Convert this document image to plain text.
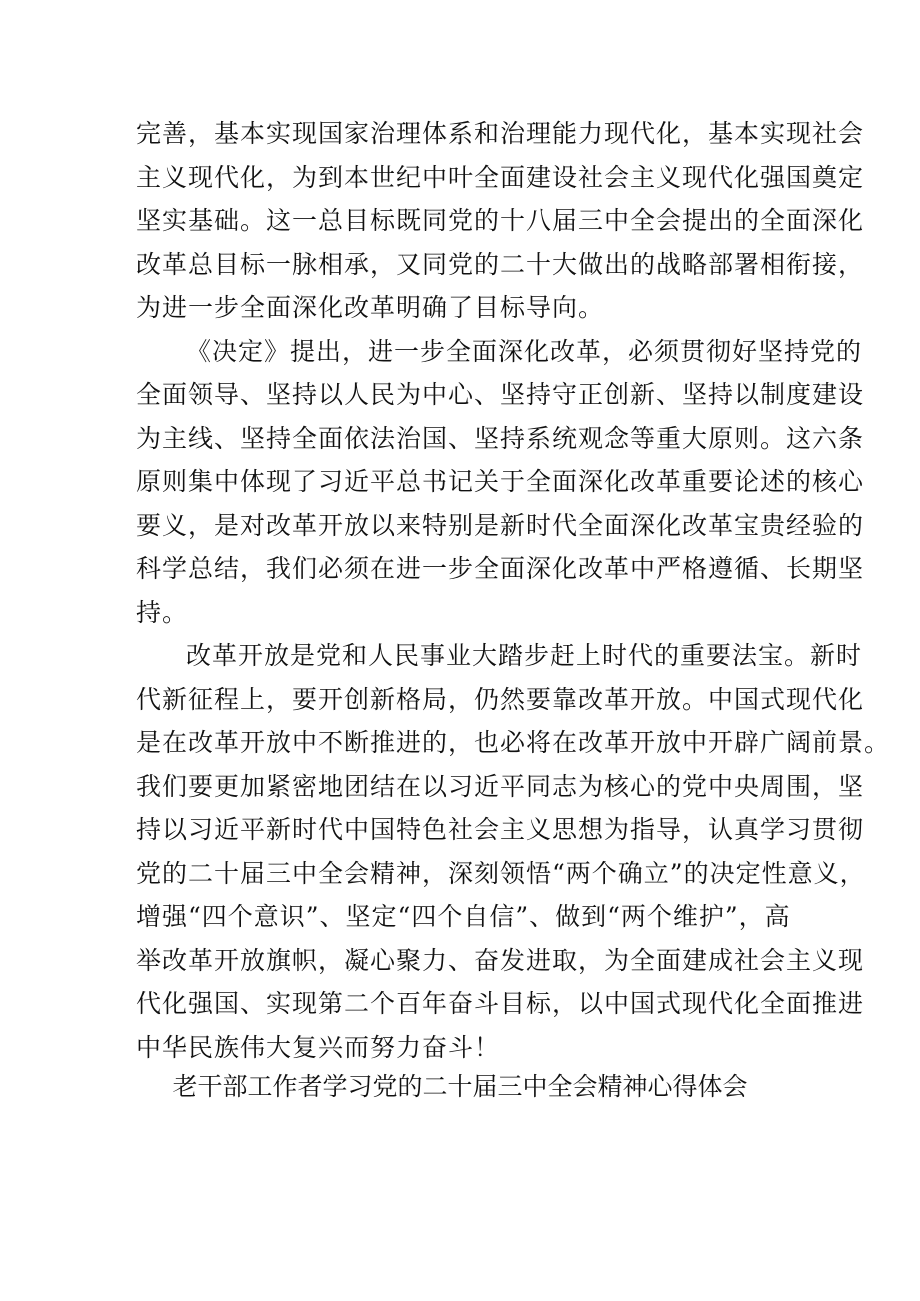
完善，基本实现国家治理体系和治理能力现代化，基本实现社会
主义现代化，为到本世纪中叶全面建设社会主义现代化强国奠定
坚实基础。这一总目标既同党的十八届三中全会提出的全面深化
改革总目标一脉相承，又同党的二十大做出的战略部署相衔接，
为进一步全面深化改革明确了目标导向。
《决定》提出，进一步全面深化改革，必须贯彻好坚持党的
全面领导、坚持以人民为中心、坚持守正创新、坚持以制度建设
为主线、坚持全面依法治国、坚持系统观念等重大原则。这六条
原则集中体现了习近平总书记关于全面深化改革重要论述的核心
要义，是对改革开放以来特别是新时代全面深化改革宝贵经验的
科学总结，我们必须在进一步全面深化改革中严格遵循、长期坚
持。
改革开放是党和人民事业大踏步赶上时代的重要法宝。新时
代新征程上，要开创新格局，仍然要靠改革开放。中国式现代化
是在改革开放中不断推进的，也必将在改革开放中开辟广阔前景。
我们要更加紧密地团结在以习近平同志为核心的党中央周围，坚
持以习近平新时代中国特色社会主义思想为指导，认真学习贯彻
党的二十届三中全会精神，深刻领悟“两个确立”的决定性意义，
增强“四个意识”、坚定“四个自信”、做到“两个维护”，高
举改革开放旗帜，凝心聚力、奋发进取，为全面建成社会主义现
代化强国、实现第二个百年奋斗目标，以中国式现代化全面推进
中华民族伟大复兴而努力奋斗！
老干部工作者学习党的二十届三中全会精神心得体会
